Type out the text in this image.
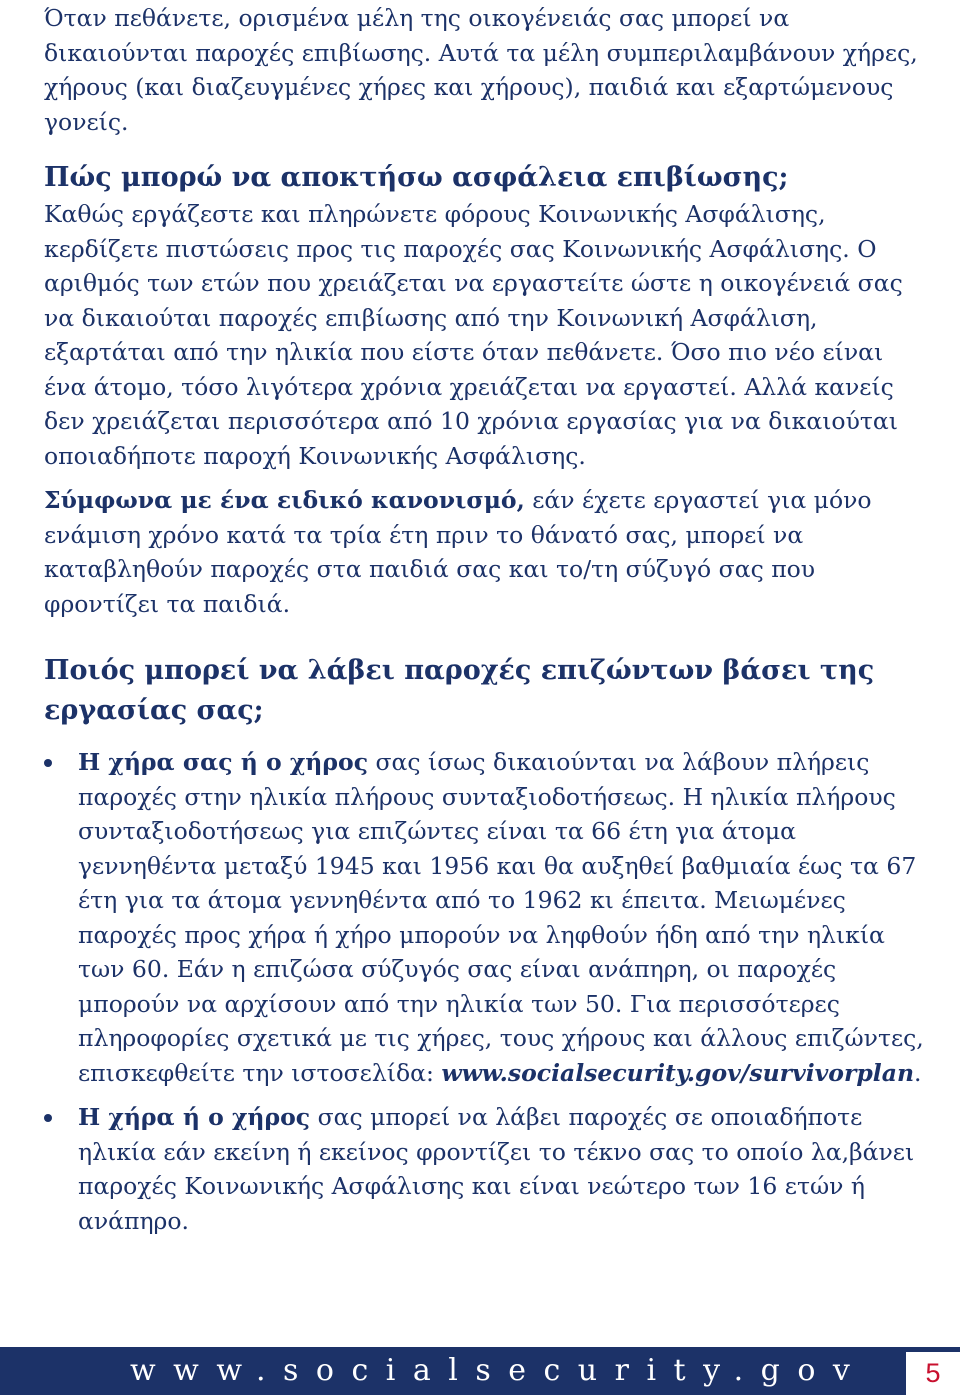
Όταν πεθάνετε, ορισμένα μέλη της οικογένειάς σας μπορεί να δικαιούνται παροχές επιβίωσης. Αυτά τα μέλη συμπεριλαμβάνουν χήρες, χήρους (και διαζευγμένες χήρες και χήρους), παιδιά και εξαρτώμενους γονείς.

Πώς μπορώ να αποκτήσω ασφάλεια επιβίωσης;

Καθώς εργάζεστε και πληρώνετε φόρους Κοινωνικής Ασφάλισης, κερδίζετε πιστώσεις προς τις παροχές σας Κοινωνικής Ασφάλισης. Ο αριθμός των ετών που χρειάζεται να εργαστείτε ώστε η οικογένειά σας να δικαιούται παροχές επιβίωσης από την Κοινωνική Ασφάλιση, εξαρτάται από την ηλικία που είστε όταν πεθάνετε. Όσο πιο νέο είναι ένα άτομο, τόσο λιγότερα χρόνια χρειάζεται να εργαστεί. Αλλά κανείς δεν χρειάζεται περισσότερα από 10 χρόνια εργασίας για να δικαιούται οποιαδήποτε παροχή Κοινωνικής Ασφάλισης.

Σύμφωνα με ένα ειδικό κανονισμό, εάν έχετε εργαστεί για μόνο ενάμιση χρόνο κατά τα τρία έτη πριν το θάνατό σας, μπορεί να καταβληθούν παροχές στα παιδιά σας και το/τη σύζυγό σας που φροντίζει τα παιδιά.

Ποιός μπορεί να λάβει παροχές επιζώντων βάσει της εργασίας σας;
Η χήρα σας ή ο χήρος σας ίσως δικαιούνται να λάβουν πλήρεις παροχές στην ηλικία πλήρους συνταξιοδοτήσεως. Η ηλικία πλήρους συνταξιοδοτήσεως για επιζώντες είναι τα 66 έτη για άτομα γεννηθέντα μεταξύ 1945 και 1956 και θα αυξηθεί βαθμιαία έως τα 67 έτη για τα άτομα γεννηθέντα από το 1962 κι έπειτα. Μειωμένες παροχές προς χήρα ή χήρο μπορούν να ληφθούν ήδη από την ηλικία των 60. Εάν η επιζώσα σύζυγός σας είναι ανάπηρη, οι παροχές μπορούν να αρχίσουν από την ηλικία των 50. Για περισσότερες πληροφορίες σχετικά με τις χήρες, τους χήρους και άλλους επιζώντες, επισκεφθείτε την ιστοσελίδα: www.socialsecurity.gov/survivorplan.
Η χήρα ή ο χήρος σας μπορεί να λάβει παροχές σε οποιαδήποτε ηλικία εάν εκείνη ή εκείνος φροντίζει το τέκνο σας το οποίο λα,βάνει παροχές Κοινωνικής Ασφάλισης και είναι νεώτερο των 16 ετών ή ανάπηρο.
www.socialsecurity.gov	5
